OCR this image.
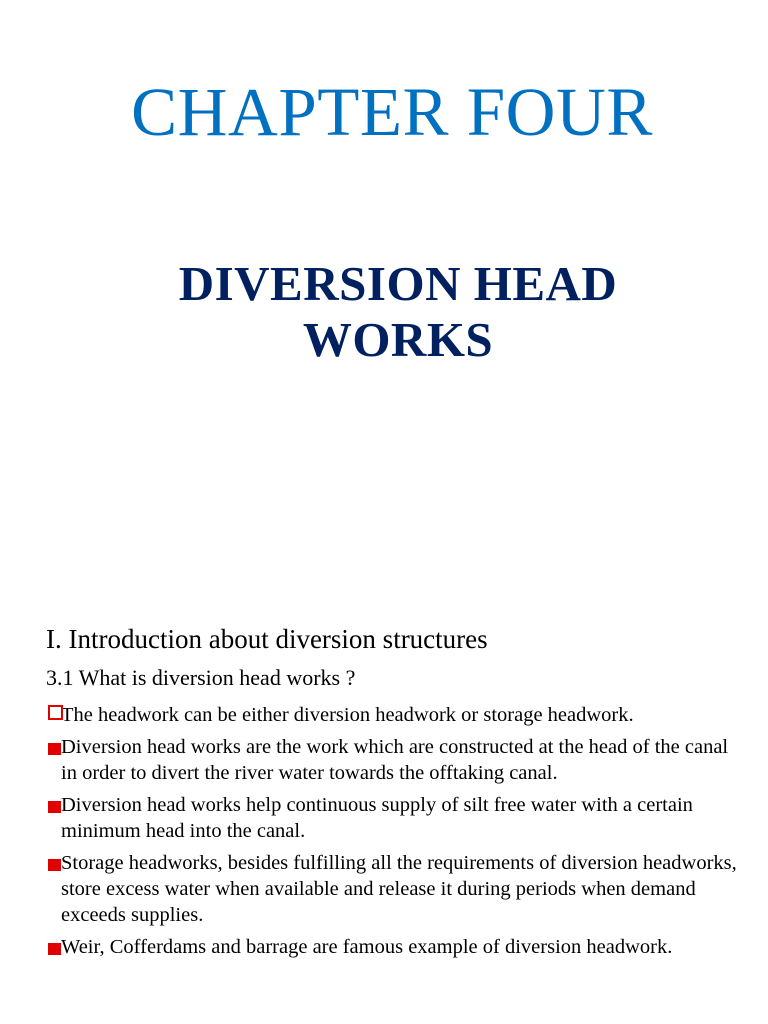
CHAPTER FOUR
DIVERSION HEAD
WORKS
I. Introduction about diversion structures
3.1 What is diversion head works ?
The headwork can be either diversion headwork or storage headwork.
Diversion head works are the work which are constructed at the head of the canal in order to divert the river water towards the offtaking canal.
Diversion head works help continuous supply of silt free water with a certain minimum head into the canal.
Storage headworks, besides fulfilling all the requirements of diversion headworks, store excess water when available and release it during periods when demand exceeds supplies.
Weir, Cofferdams and barrage are famous example of diversion headwork.
